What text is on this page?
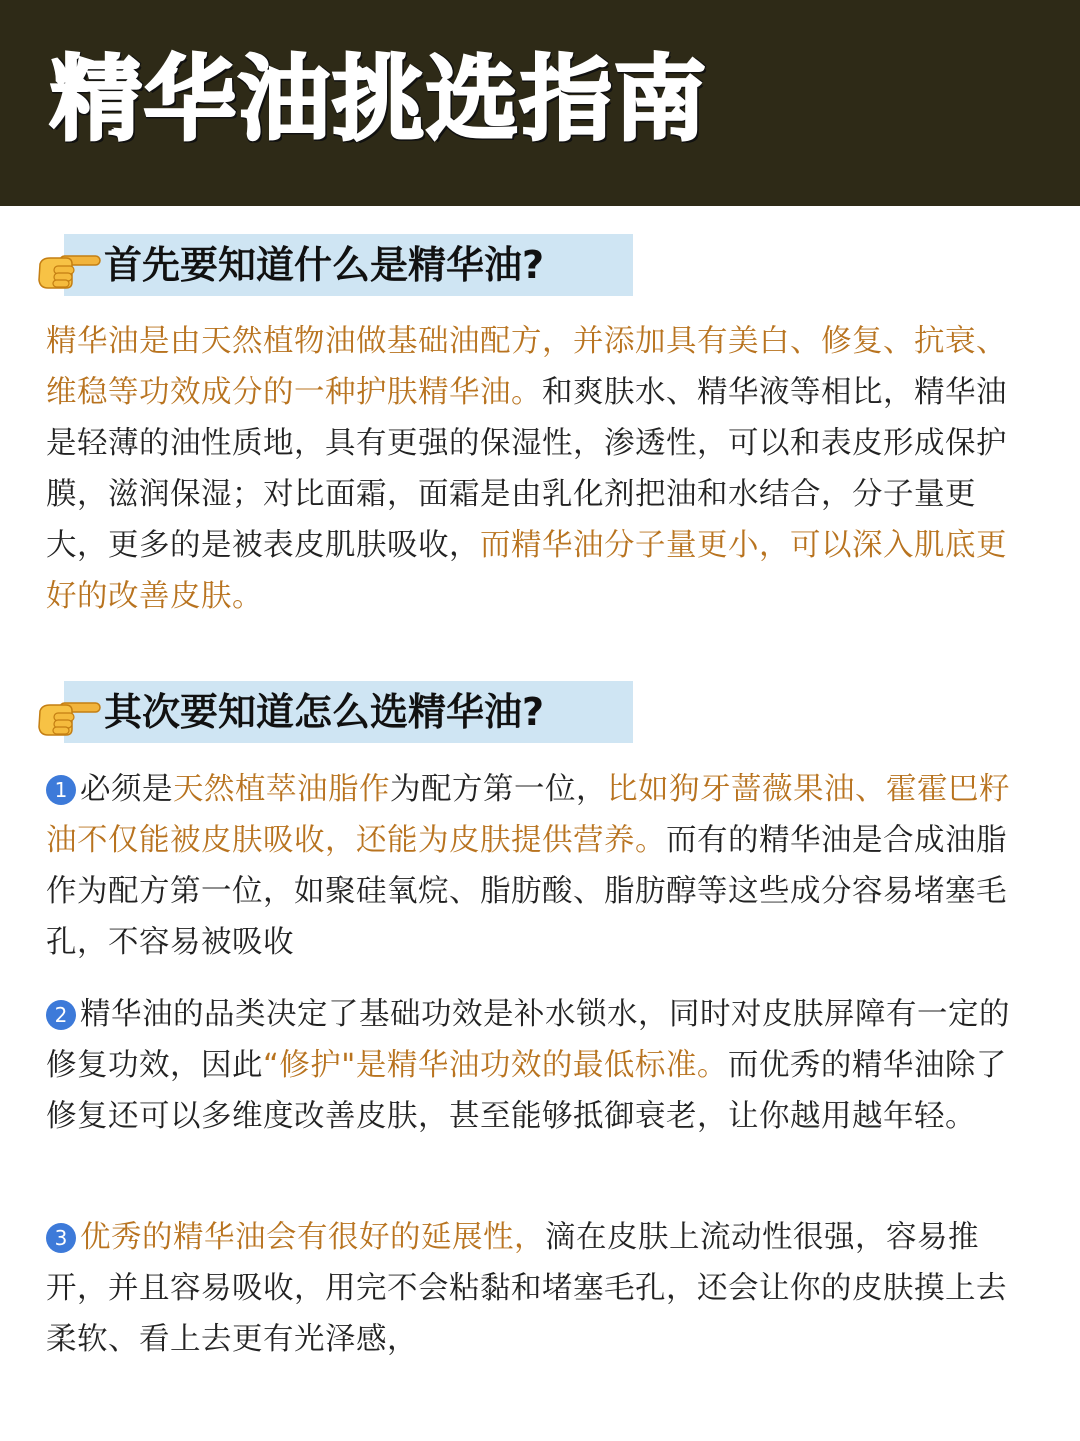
精华油挑选指南
首先要知道什么是精华油?
精华油是由天然植物油做基础油配方，并添加具有美白、修复、抗衰、维稳等功效成分的一种护肤精华油。和爽肤水、精华液等相比，精华油是轻薄的油性质地，具有更强的保湿性，渗透性，可以和表皮形成保护膜，滋润保湿；对比面霜，面霜是由乳化剂把油和水结合，分子量更大，更多的是被表皮肌肤吸收，而精华油分子量更小，可以深入肌底更好的改善皮肤。
其次要知道怎么选精华油?
1 必须是天然植萃油脂作为配方第一位，比如狗牙蔷薇果油、霍霍巴籽油不仅能被皮肤吸收，还能为皮肤提供营养。而有的精华油是合成油脂作为配方第一位，如聚硅氧烷、脂肪酸、脂肪醇等这些成分容易堵塞毛孔，不容易被吸收
2 精华油的品类决定了基础功效是补水锁水，同时对皮肤屏障有一定的修复功效，因此“修护"是精华油功效的最低标准。而优秀的精华油除了修复还可以多维度改善皮肤，甚至能够抵御衰老，让你越用越年轻。
3 优秀的精华油会有很好的延展性，滴在皮肤上流动性很强，容易推开，并且容易吸收，用完不会粘黏和堵塞毛孔，还会让你的皮肤摸上去柔软、看上去更有光泽感，
